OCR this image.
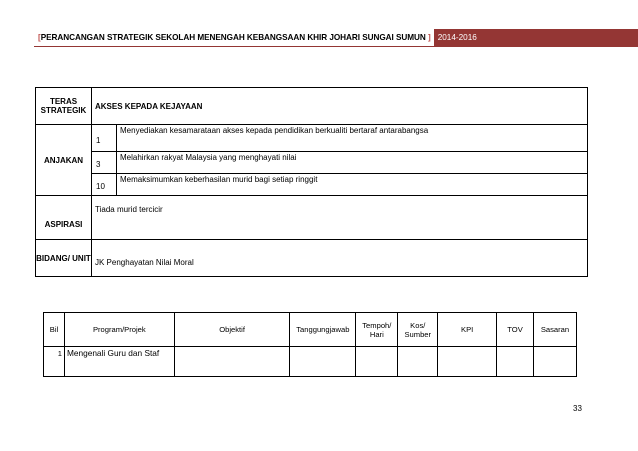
[PERANCANGAN STRATEGIK SEKOLAH MENENGAH KEBANGSAAN KHIR JOHARI SUNGAI SUMUN ] 2014-2016
TERAS STRATEGIK	AKSES KEPADA KEJAYAAN	
ANJAKAN	1	Menyediakan kesamarataan akses kepada pendidikan berkualiti bertaraf antarabangsa
	3	Melahirkan rakyat Malaysia yang menghayati nilai
	10	Memaksimumkan keberhasilan murid bagi setiap ringgit
ASPIRASI	Tiada murid tercicir	
BIDANG/ UNIT	JK Penghayatan Nilai Moral	
Bil	Program/Projek	Objektif	Tanggungjawab	Tempoh/ Hari	Kos/ Sumber	KPI	TOV	Sasaran
1	Mengenali Guru dan Staf							
33
